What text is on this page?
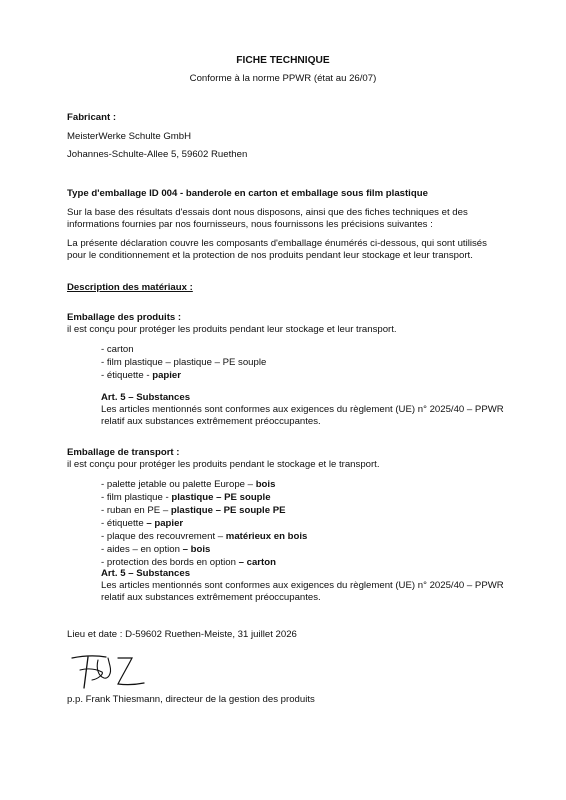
FICHE TECHNIQUE
Conforme à la norme PPWR (état au 26/07)
Fabricant :
MeisterWerke Schulte GmbH
Johannes-Schulte-Allee 5, 59602 Ruethen
Type d'emballage ID 004 - banderole en carton et emballage sous film plastique
Sur la base des résultats d'essais dont nous disposons, ainsi que des fiches techniques et des informations fournies par nos fournisseurs, nous fournissons les précisions suivantes :
La présente déclaration couvre les composants d'emballage énumérés ci-dessous, qui sont utilisés pour le conditionnement et la protection de nos produits pendant leur stockage et leur transport.
Description des matériaux :
Emballage des produits :
il est conçu pour protéger les produits pendant leur stockage et leur transport.
- carton
- film plastique – plastique – PE souple
- étiquette - papier
Art. 5 – Substances
Les articles mentionnés sont conformes aux exigences du règlement (UE) n° 2025/40 – PPWR relatif aux substances extrêmement préoccupantes.
Emballage de transport :
il est conçu pour protéger les produits pendant le stockage et le transport.
- palette jetable ou palette Europe – bois
- film plastique - plastique – PE souple
- ruban en PE – plastique – PE souple PE
- étiquette – papier
- plaque des recouvrement – matérieux en bois
- aides – en option – bois
- protection des bords en option – carton
Art. 5 – Substances
Les articles mentionnés sont conformes aux exigences du règlement (UE) n° 2025/40 – PPWR relatif aux substances extrêmement préoccupantes.
Lieu et date : D-59602 Ruethen-Meiste, 31 juillet 2026
p.p. Frank Thiesmann, directeur de la gestion des produits
